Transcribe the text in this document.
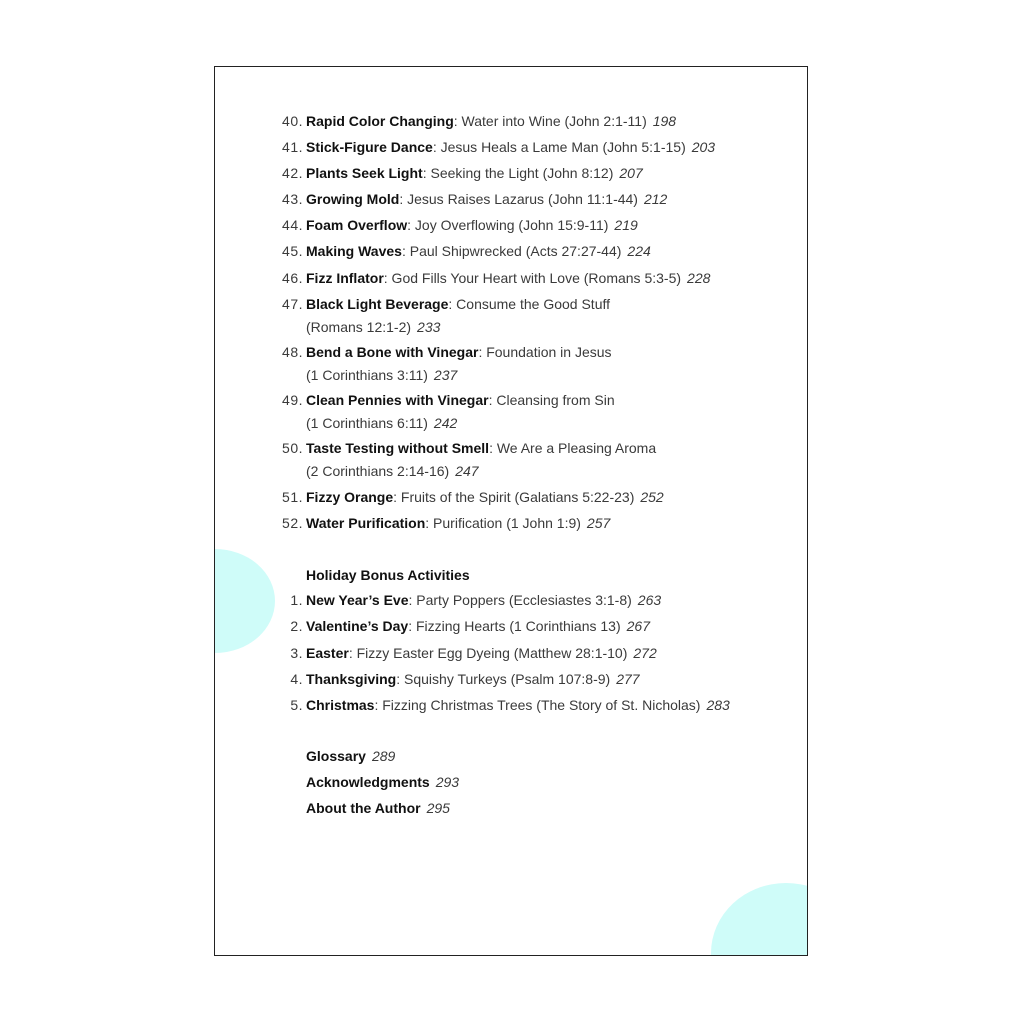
40. Rapid Color Changing: Water into Wine (John 2:1-11) 198
41. Stick-Figure Dance: Jesus Heals a Lame Man (John 5:1-15) 203
42. Plants Seek Light: Seeking the Light (John 8:12) 207
43. Growing Mold: Jesus Raises Lazarus (John 11:1-44) 212
44. Foam Overflow: Joy Overflowing (John 15:9-11) 219
45. Making Waves: Paul Shipwrecked (Acts 27:27-44) 224
46. Fizz Inflator: God Fills Your Heart with Love (Romans 5:3-5) 228
47. Black Light Beverage: Consume the Good Stuff
(Romans 12:1-2) 233
48. Bend a Bone with Vinegar: Foundation in Jesus
(1 Corinthians 3:11) 237
49. Clean Pennies with Vinegar: Cleansing from Sin
(1 Corinthians 6:11) 242
50. Taste Testing without Smell: We Are a Pleasing Aroma
(2 Corinthians 2:14-16) 247
51. Fizzy Orange: Fruits of the Spirit (Galatians 5:22-23) 252
52. Water Purification: Purification (1 John 1:9) 257
Holiday Bonus Activities
1. New Year’s Eve: Party Poppers (Ecclesiastes 3:1-8) 263
2. Valentine’s Day: Fizzing Hearts (1 Corinthians 13) 267
3. Easter: Fizzy Easter Egg Dyeing (Matthew 28:1-10) 272
4. Thanksgiving: Squishy Turkeys (Psalm 107:8-9) 277
5. Christmas: Fizzing Christmas Trees (The Story of St. Nicholas) 283
Glossary 289
Acknowledgments 293
About the Author 295
